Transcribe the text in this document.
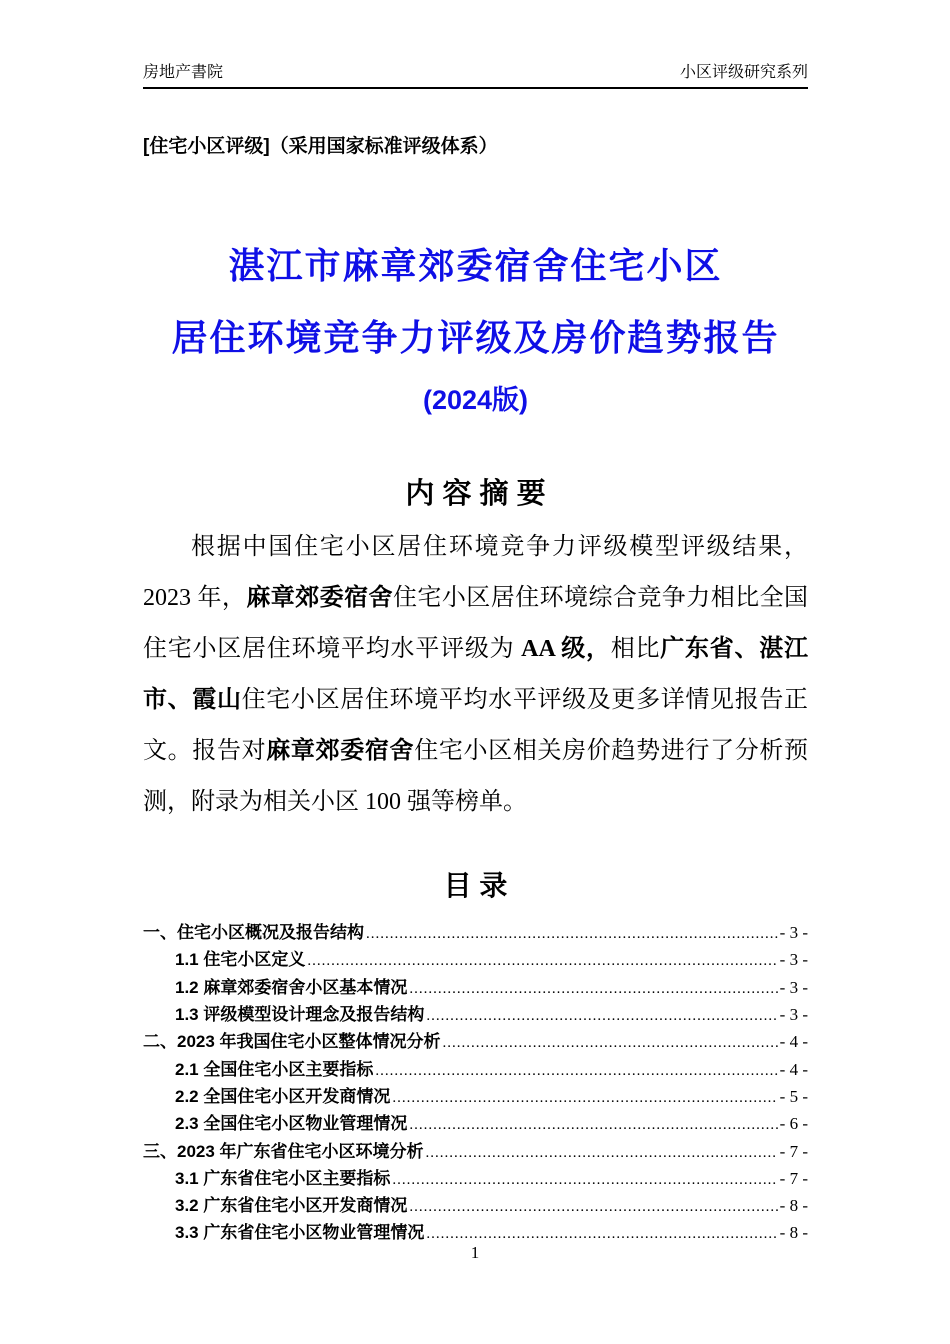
房地产書院	小区评级研究系列
[住宅小区评级]（采用国家标准评级体系）
湛江市麻章郊委宿舍住宅小区
居住环境竞争力评级及房价趋势报告
(2024版)
内 容 摘 要
根据中国住宅小区居住环境竞争力评级模型评级结果，2023 年，麻章郊委宿舍住宅小区居住环境综合竞争力相比全国住宅小区居住环境平均水平评级为 AA 级，相比广东省、湛江市、霞山住宅小区居住环境平均水平评级及更多详情见报告正文。报告对麻章郊委宿舍住宅小区相关房价趋势进行了分析预测，附录为相关小区 100 强等榜单。
目 录
一、住宅小区概况及报告结构 .....	- 3 -
1.1 住宅小区定义 .....	- 3 -
1.2 麻章郊委宿舍小区基本情况 .....	- 3 -
1.3 评级模型设计理念及报告结构 .....	- 3 -
二、2023 年我国住宅小区整体情况分析 .....	- 4 -
2.1 全国住宅小区主要指标 .....	- 4 -
2.2 全国住宅小区开发商情况 .....	- 5 -
2.3 全国住宅小区物业管理情况 .....	- 6 -
三、2023 年广东省住宅小区环境分析 .....	- 7 -
3.1 广东省住宅小区主要指标 .....	- 7 -
3.2 广东省住宅小区开发商情况 .....	- 8 -
3.3 广东省住宅小区物业管理情况 .....	- 8 -
1
